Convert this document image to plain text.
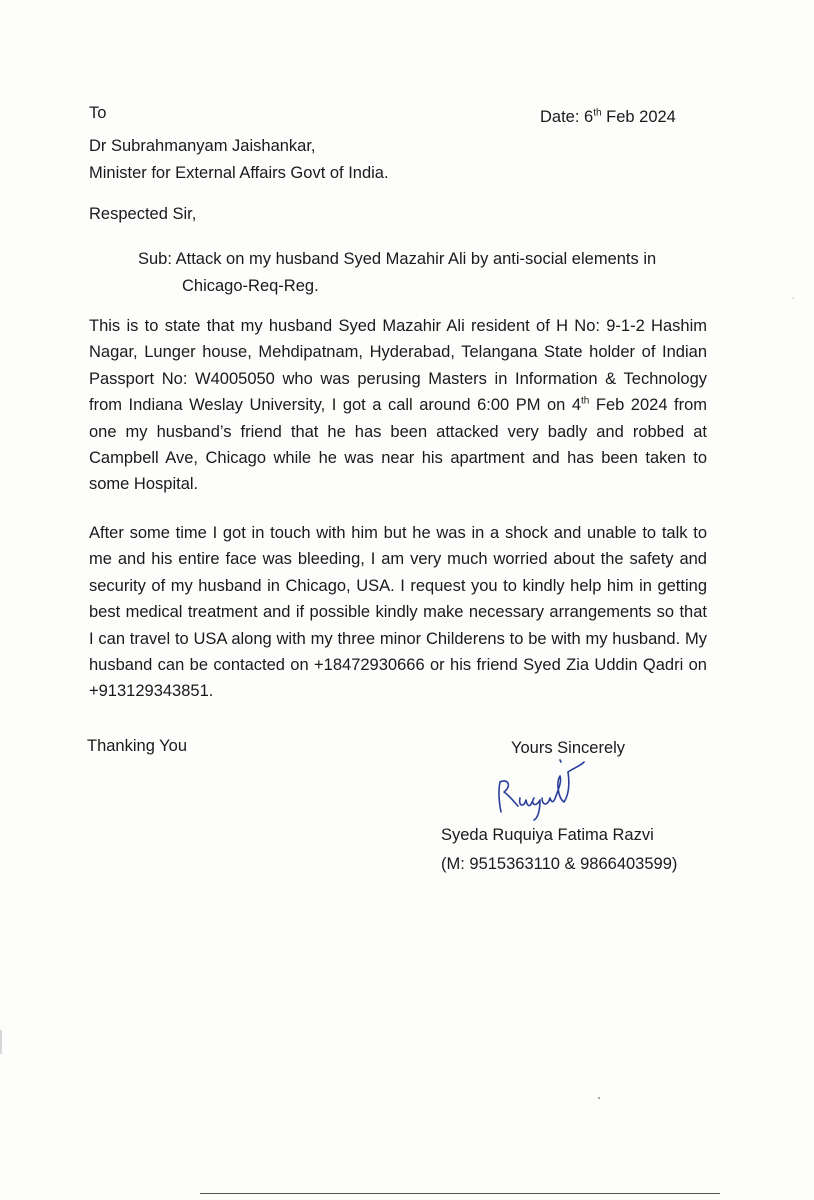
To	Date: 6th Feb 2024

Dr Subrahmanyam Jaishankar,

Minister for External Affairs Govt of India.

Respected Sir,

Sub: Attack on my husband Syed Mazahir Ali by anti-social elements in

Chicago-Req-Reg.

This is to state that my husband Syed Mazahir Ali resident of H No: 9-1-2 Hashim Nagar, Lunger house, Mehdipatnam, Hyderabad, Telangana State holder of Indian Passport No: W4005050 who was perusing Masters in Information & Technology from Indiana Weslay University, I got a call around 6:00 PM on 4th Feb 2024 from one my husband’s friend that he has been attacked very badly and robbed at Campbell Ave, Chicago while he was near his apartment and has been taken to some Hospital.

After some time I got in touch with him but he was in a shock and unable to talk to me and his entire face was bleeding, I am very much worried about the safety and security of my husband in Chicago, USA. I request you to kindly help him in getting best medical treatment and if possible kindly make necessary arrangements so that I can travel to USA along with my three minor Childerens to be with my husband. My husband can be contacted on +18472930666 or his friend Syed Zia Uddin Qadri on +913129343851.

Thanking You	Yours Sincerely

Syeda Ruquiya Fatima Razvi

(M: 9515363110 & 9866403599)
